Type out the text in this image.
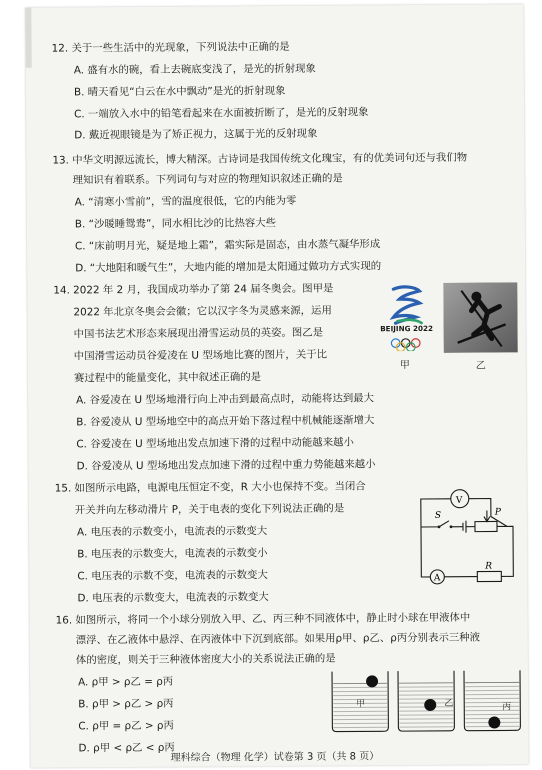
12. 关于一些生活中的光现象，下列说法中正确的是
A. 盛有水的碗，看上去碗底变浅了，是光的折射现象
B. 晴天看见“白云在水中飘动”是光的折射现象
C. 一端放入水中的铅笔看起来在水面被折断了，是光的反射现象
D. 戴近视眼镜是为了矫正视力，这属于光的反射现象
13. 中华文明源远流长，博大精深。古诗词是我国传统文化瑰宝，有的优美词句还与我们物
理知识有着联系。下列词句与对应的物理知识叙述正确的是
A. “清寒小雪前”，雪的温度很低，它的内能为零
B. “沙暖睡鸳鸯”，同水相比沙的比热容大些
C. “床前明月光，疑是地上霜”，霜实际是固态，由水蒸气凝华形成
D. “大地阳和暖气生”，大地内能的增加是太阳通过做功方式实现的
14. 2022 年 2 月，我国成功举办了第 24 届冬奥会。图甲是
2022 年北京冬奥会会徽；它以汉字冬为灵感来源，运用
中国书法艺术形态来展现出滑雪运动员的英姿。图乙是
中国滑雪运动员谷爱凌在 U 型场地比赛的图片，关于比
赛过程中的能量变化，其中叙述正确的是
BEIJING 2022
甲	乙
A. 谷爱凌在 U 型场地滑行向上冲击到最高点时，动能将达到最大
B. 谷爱凌从 U 型场地空中的高点开始下落过程中机械能逐渐增大
C. 谷爱凌在 U 型场地出发点加速下滑的过程中动能越来越小
D. 谷爱凌从 U 型场地出发点加速下滑的过程中重力势能越来越小
15. 如图所示电路，电源电压恒定不变，R 大小也保持不变。当闭合
开关并向左移动滑片 P，关于电表的变化下列说法正确的是
A. 电压表的示数变小，电流表的示数变大
B. 电压表的示数变大，电流表的示数变小
C. 电压表的示数不变，电流表的示数变大
D. 电压表的示数变大，电流表的示数变大
V
A
S	P
R
16. 如图所示，将同一个小球分别放入甲、乙、丙三种不同液体中，静止时小球在甲液体中
漂浮、在乙液体中悬浮、在丙液体中下沉到底部。如果用ρ甲、ρ乙、ρ丙分别表示三种液
体的密度，则关于三种液体密度大小的关系说法正确的是
A. ρ甲 > ρ乙 = ρ丙
B. ρ甲 > ρ乙 > ρ丙
C. ρ甲 = ρ乙 > ρ丙
D. ρ甲 < ρ乙 < ρ丙
甲	乙	丙
理科综合（物理 化学）试卷第 3 页（共 8 页）
